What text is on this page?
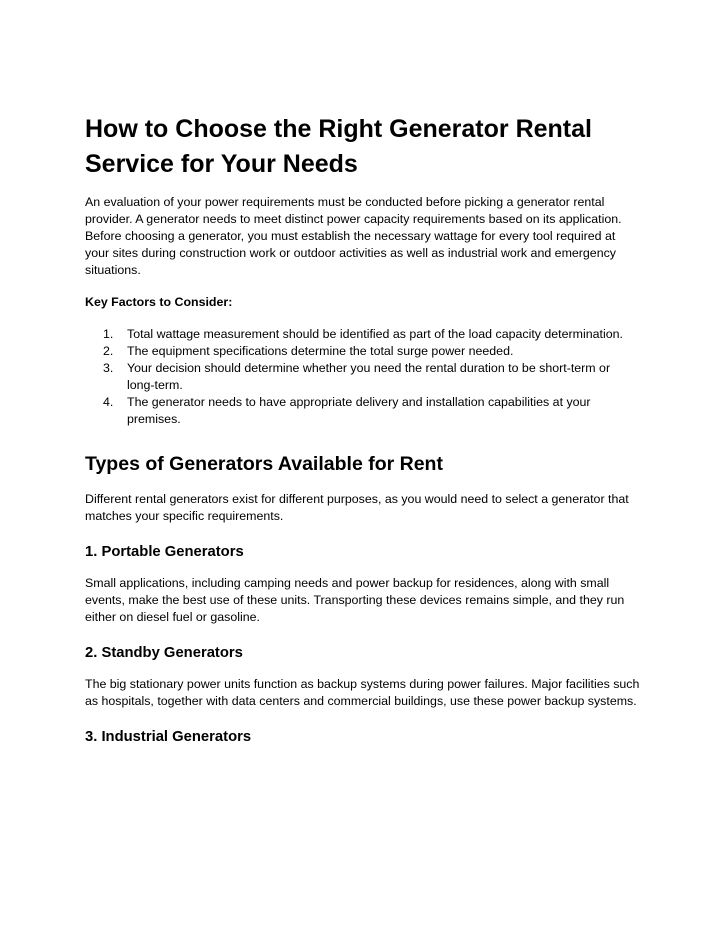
How to Choose the Right Generator Rental Service for Your Needs

An evaluation of your power requirements must be conducted before picking a generator rental provider. A generator needs to meet distinct power capacity requirements based on its application. Before choosing a generator, you must establish the necessary wattage for every tool required at your sites during construction work or outdoor activities as well as industrial work and emergency situations.

Key Factors to Consider:

1.	Total wattage measurement should be identified as part of the load capacity determination.
2.	The equipment specifications determine the total surge power needed.
3.	Your decision should determine whether you need the rental duration to be short-term or long-term.
4.	The generator needs to have appropriate delivery and installation capabilities at your premises.
Types of Generators Available for Rent

Different rental generators exist for different purposes, as you would need to select a generator that matches your specific requirements.

1. Portable Generators

Small applications, including camping needs and power backup for residences, along with small events, make the best use of these units. Transporting these devices remains simple, and they run either on diesel fuel or gasoline.

2. Standby Generators

The big stationary power units function as backup systems during power failures. Major facilities such as hospitals, together with data centers and commercial buildings, use these power backup systems.

3. Industrial Generators
